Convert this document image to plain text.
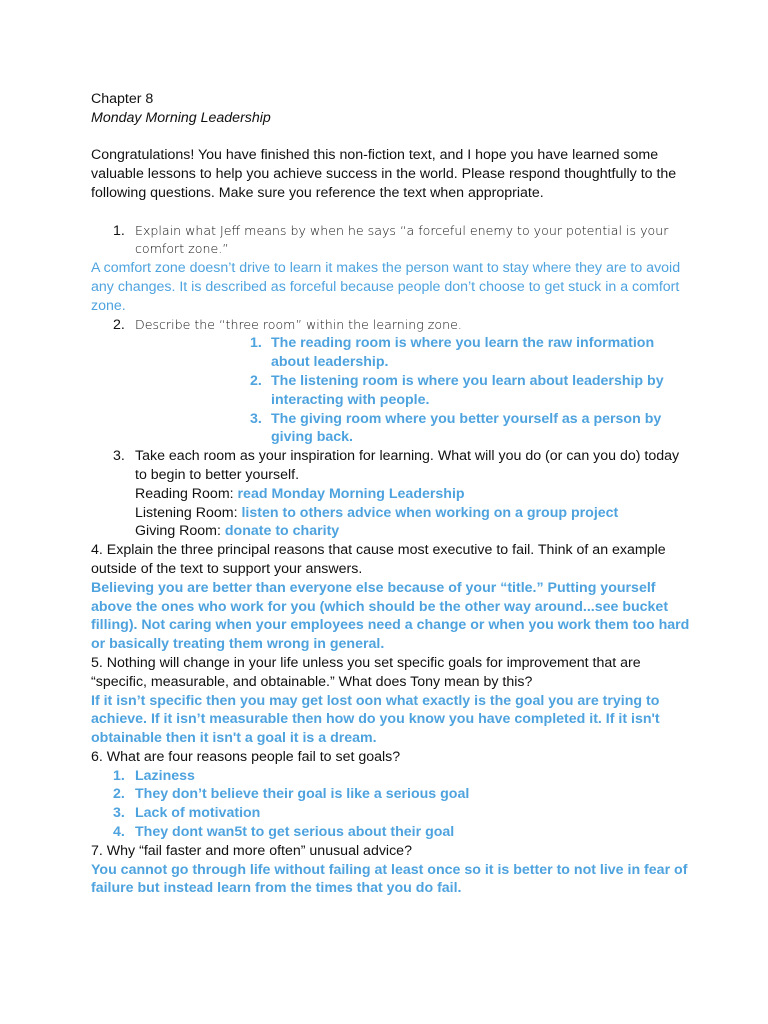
Chapter 8
Monday Morning Leadership
Congratulations! You have finished this non-fiction text, and I hope you have learned some valuable lessons to help you achieve success in the world. Please respond thoughtfully to the following questions. Make sure you reference the text when appropriate.
1. Explain what Jeff means by when he says “a forceful enemy to your potential is your comfort zone.”
A comfort zone doesn’t drive to learn it makes the person want to stay where they are to avoid any changes. It is described as forceful because people don’t choose to get stuck in a comfort zone.
2. Describe the “three room” within the learning zone.
1. The reading room is where you learn the raw information about leadership.
2. The listening room is where you learn about leadership by interacting with people.
3. The giving room where you better yourself as a person by giving back.
3. Take each room as your inspiration for learning. What will you do (or can you do) today to begin to better yourself.
Reading Room: read Monday Morning Leadership
Listening Room: listen to others advice when working on a group project
Giving Room: donate to charity
4. Explain the three principal reasons that cause most executive to fail. Think of an example outside of the text to support your answers.
Believing you are better than everyone else because of your “title.” Putting yourself above the ones who work for you (which should be the other way around...see bucket filling). Not caring when your employees need a change or when you work them too hard or basically treating them wrong in general.
5. Nothing will change in your life unless you set specific goals for improvement that are “specific, measurable, and obtainable.” What does Tony mean by this?
If it isn’t specific then you may get lost oon what exactly is the goal you are trying to achieve. If it isn’t measurable then how do you know you have completed it. If it isn't obtainable then it isn't a goal it is a dream.
6. What are four reasons people fail to set goals?
1. Laziness
2. They don’t believe their goal is like a serious goal
3. Lack of motivation
4. They dont wan5t to get serious about their goal
7. Why “fail faster and more often” unusual advice?
You cannot go through life without failing at least once so it is better to not live in fear of failure but instead learn from the times that you do fail.
